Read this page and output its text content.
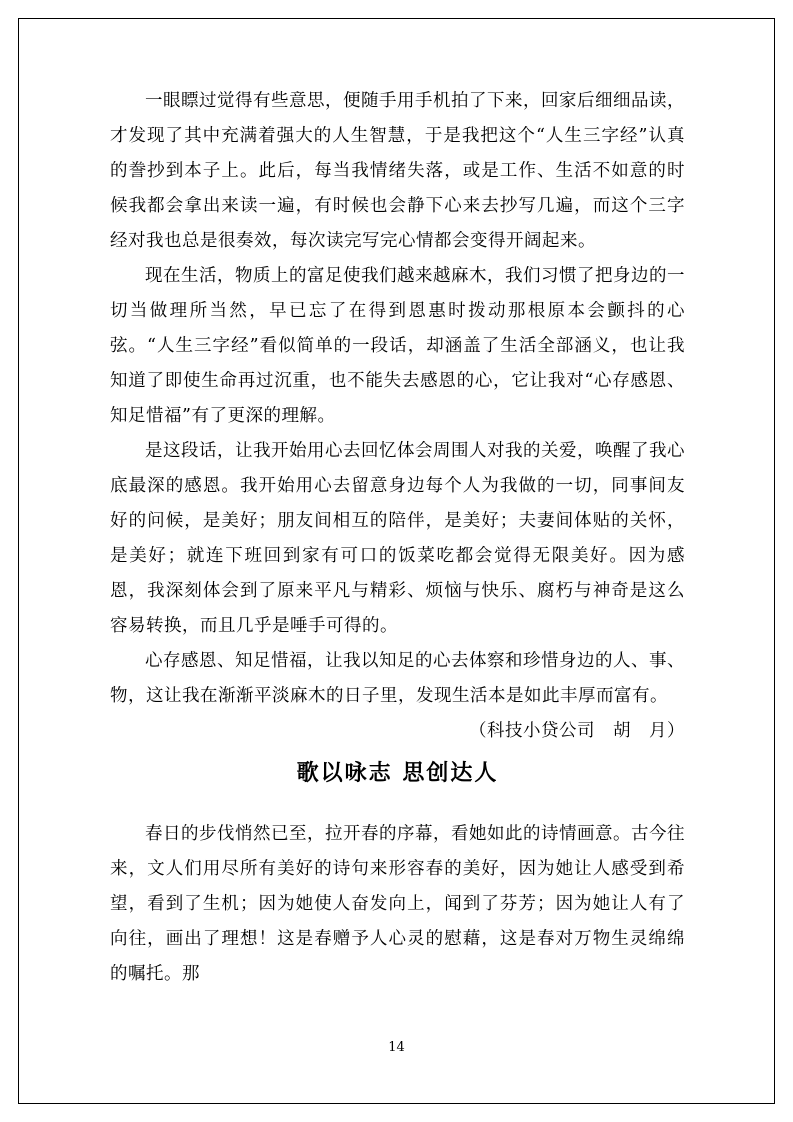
一眼瞟过觉得有些意思，便随手用手机拍了下来，回家后细细品读，才发现了其中充满着强大的人生智慧，于是我把这个“人生三字经”认真的誊抄到本子上。此后，每当我情绪失落，或是工作、生活不如意的时候我都会拿出来读一遍，有时候也会静下心来去抄写几遍，而这个三字经对我也总是很奏效，每次读完写完心情都会变得开阔起来。

现在生活，物质上的富足使我们越来越麻木，我们习惯了把身边的一切当做理所当然，早已忘了在得到恩惠时拨动那根原本会颤抖的心弦。“人生三字经”看似简单的一段话，却涵盖了生活全部涵义，也让我知道了即使生命再过沉重，也不能失去感恩的心，它让我对“心存感恩、知足惜福”有了更深的理解。

是这段话，让我开始用心去回忆体会周围人对我的关爱，唤醒了我心底最深的感恩。我开始用心去留意身边每个人为我做的一切，同事间友好的问候，是美好；朋友间相互的陪伴，是美好；夫妻间体贴的关怀，是美好；就连下班回到家有可口的饭菜吃都会觉得无限美好。因为感恩，我深刻体会到了原来平凡与精彩、烦恼与快乐、腐朽与神奇是这么容易转换，而且几乎是唾手可得的。

心存感恩、知足惜福，让我以知足的心去体察和珍惜身边的人、事、物，这让我在渐渐平淡麻木的日子里，发现生活本是如此丰厚而富有。
（科技小贷公司　胡　月）

歌以咏志 思创达人

春日的步伐悄然已至，拉开春的序幕，看她如此的诗情画意。古今往来，文人们用尽所有美好的诗句来形容春的美好，因为她让人感受到希望，看到了生机；因为她使人奋发向上，闻到了芬芳；因为她让人有了向往，画出了理想！这是春赠予人心灵的慰藉，这是春对万物生灵绵绵的嘱托。那

14
